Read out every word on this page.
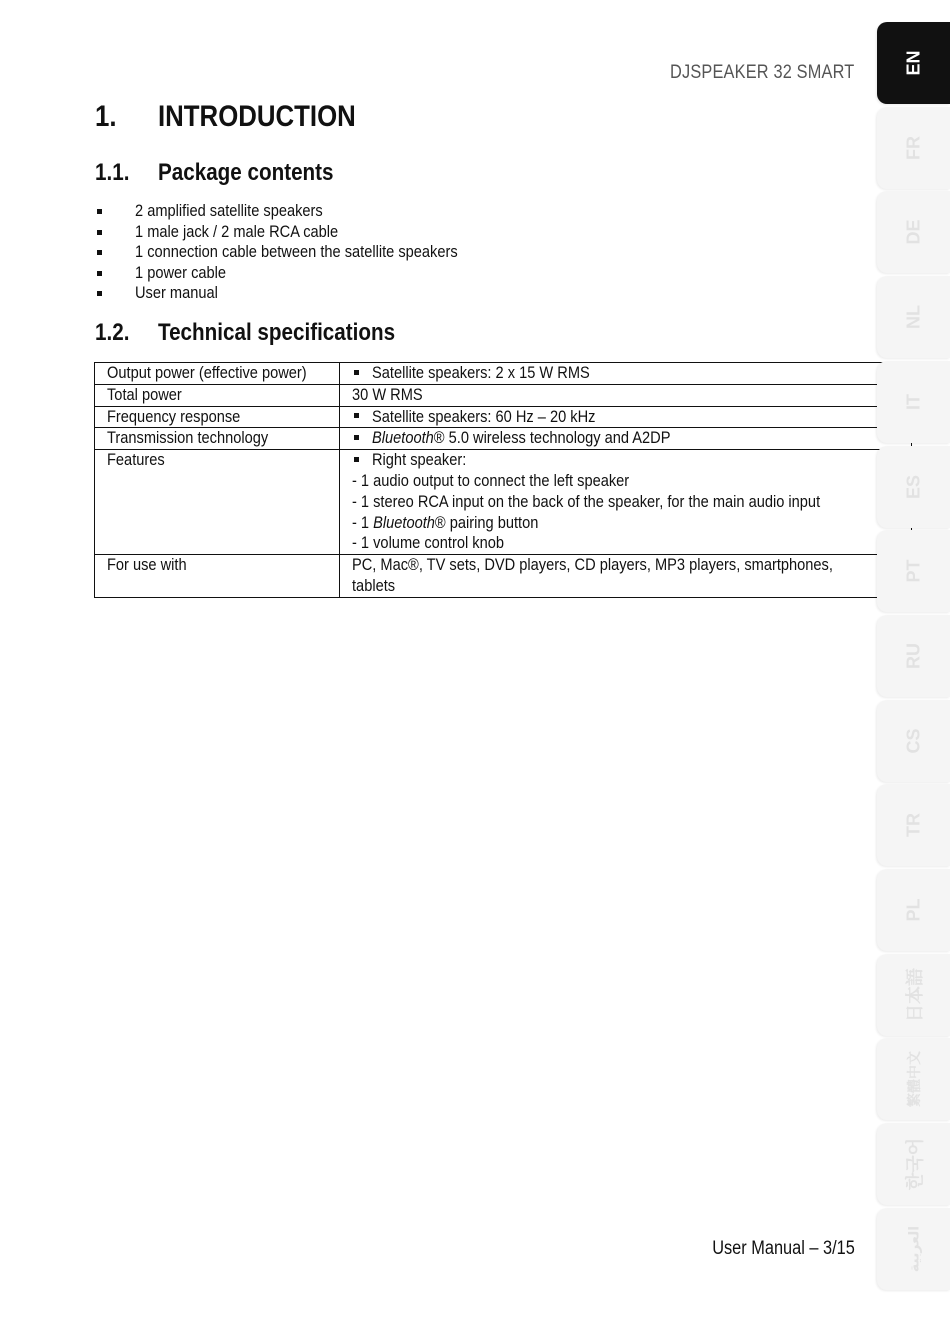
DJSPEAKER 32 SMART
1. INTRODUCTION
1.1. Package contents
2 amplified satellite speakers
1 male jack / 2 male RCA cable
1 connection cable between the satellite speakers
1 power cable
User manual
1.2. Technical specifications
Output power (effective power)	Satellite speakers: 2 x 15 W RMS

Total power	30 W RMS

Frequency response	Satellite speakers: 60 Hz – 20 kHz

Transmission technology	Bluetooth® 5.0 wireless technology and A2DP

Features	Right speaker:
- 1 audio output to connect the left speaker
- 1 stereo RCA input on the back of the speaker, for the main audio input
- 1 Bluetooth® pairing button
- 1 volume control knob

For use with	PC, Mac®, TV sets, DVD players, CD players, MP3 players, smartphones,
tablets
User Manual – 3/15
EN
FR
DE
NL
IT
ES
PT
RU
CS
TR
PL
日本語
繁體中文
한국어
العربية
